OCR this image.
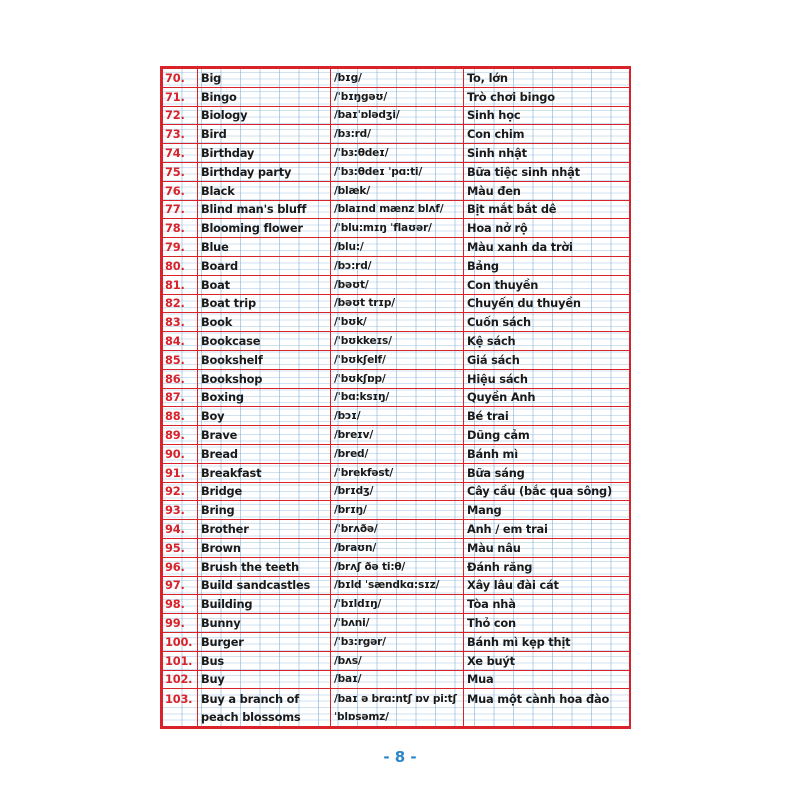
70.	Big	/bɪg/	To, lớn
71.	Bingo	/ˈbɪŋgəʊ/	Trò chơi bingo
72.	Biology	/baɪˈɒlədʒi/	Sinh học
73.	Bird	/bɜ:rd/	Con chim
74.	Birthday	/ˈbɜ:θdeɪ/	Sinh nhật
75.	Birthday party	/ˈbɜ:θdeɪ ˈpɑ:ti/	Bữa tiệc sinh nhật
76.	Black	/blæk/	Màu đen
77.	Blind man's bluff	/blaɪnd mænz blʌf/	Bịt mắt bắt dê
78.	Blooming flower	/ˈblu:mɪŋ ˈflaʊər/	Hoa nở rộ
79.	Blue	/blu:/	Màu xanh da trời
80.	Board	/bɔ:rd/	Bảng
81.	Boat	/bəʊt/	Con thuyền
82.	Boat trip	/bəʊt trɪp/	Chuyến du thuyền
83.	Book	/ˈbʊk/	Cuốn sách
84.	Bookcase	/ˈbʊkkeɪs/	Kệ sách
85.	Bookshelf	/ˈbʊkʃelf/	Giá sách
86.	Bookshop	/ˈbʊkʃɒp/	Hiệu sách
87.	Boxing	/ˈbɑ:ksɪŋ/	Quyền Anh
88.	Boy	/bɔɪ/	Bé trai
89.	Brave	/breɪv/	Dũng cảm
90.	Bread	/bred/	Bánh mì
91.	Breakfast	/ˈbrekfəst/	Bữa sáng
92.	Bridge	/brɪdʒ/	Cây cầu (bắc qua sông)
93.	Bring	/brɪŋ/	Mang
94.	Brother	/ˈbrʌðə/	Anh / em trai
95.	Brown	/braʊn/	Màu nâu
96.	Brush the teeth	/brʌʃ ðə ti:θ/	Đánh răng
97.	Build sandcastles	/bɪld ˈsændkɑ:sɪz/	Xây lâu đài cát
98.	Building	/ˈbɪldɪŋ/	Tòa nhà
99.	Bunny	/ˈbʌni/	Thỏ con
100.	Burger	/ˈbɜ:rgər/	Bánh mì kẹp thịt
101.	Bus	/bʌs/	Xe buýt
102.	Buy	/baɪ/	Mua
103.	Buy a branch of peach blossoms	/baɪ ə brɑ:ntʃ ɒv pi:tʃ ˈblɒsəmz/	Mua một cành hoa đào
- 8 -
